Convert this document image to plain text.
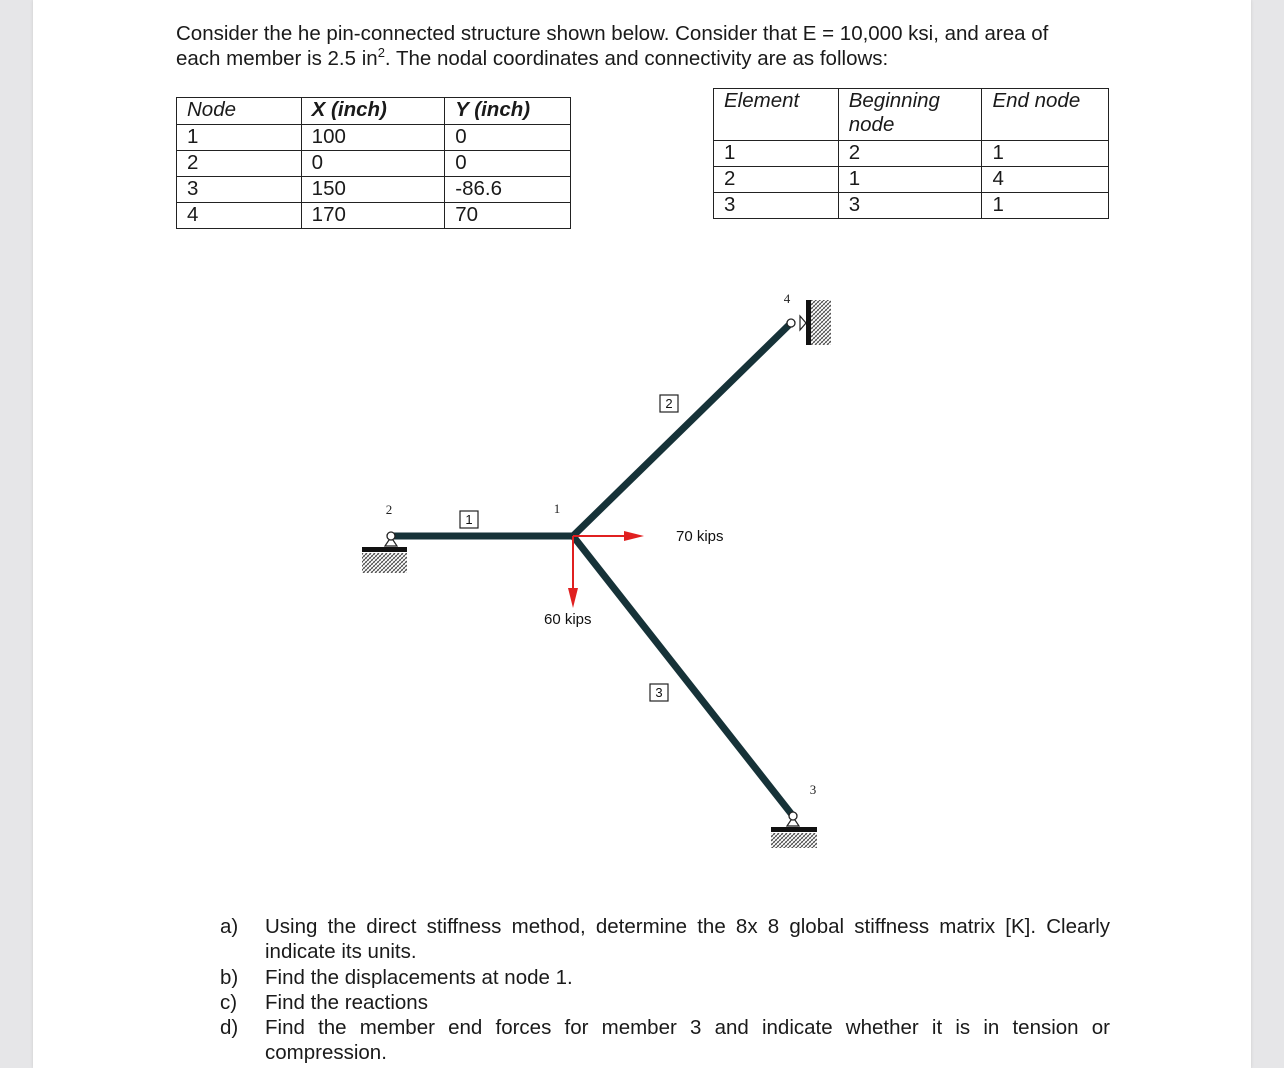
Consider the he pin-connected structure shown below. Consider that E = 10,000 ksi, and area of
each member is 2.5 $in^2$. The nodal coordinates and connectivity are as follows:

Node	X (inch)	Y (inch)
1	100	0
2	0	0
3	150	-86.6
4	170	70
Element	Beginning node	End node
1	2	1
2	1	4
3	3	1
2	1
4
3
1
2
3
70 kips
60 kips
a) Using the direct stiffness method, determine the 8x 8 global stiffness matrix [K]. Clearly indicate its units.
b) Find the displacements at node 1.
c) Find the reactions
d) Find the member end forces for member 3 and indicate whether it is in tension or compression.
